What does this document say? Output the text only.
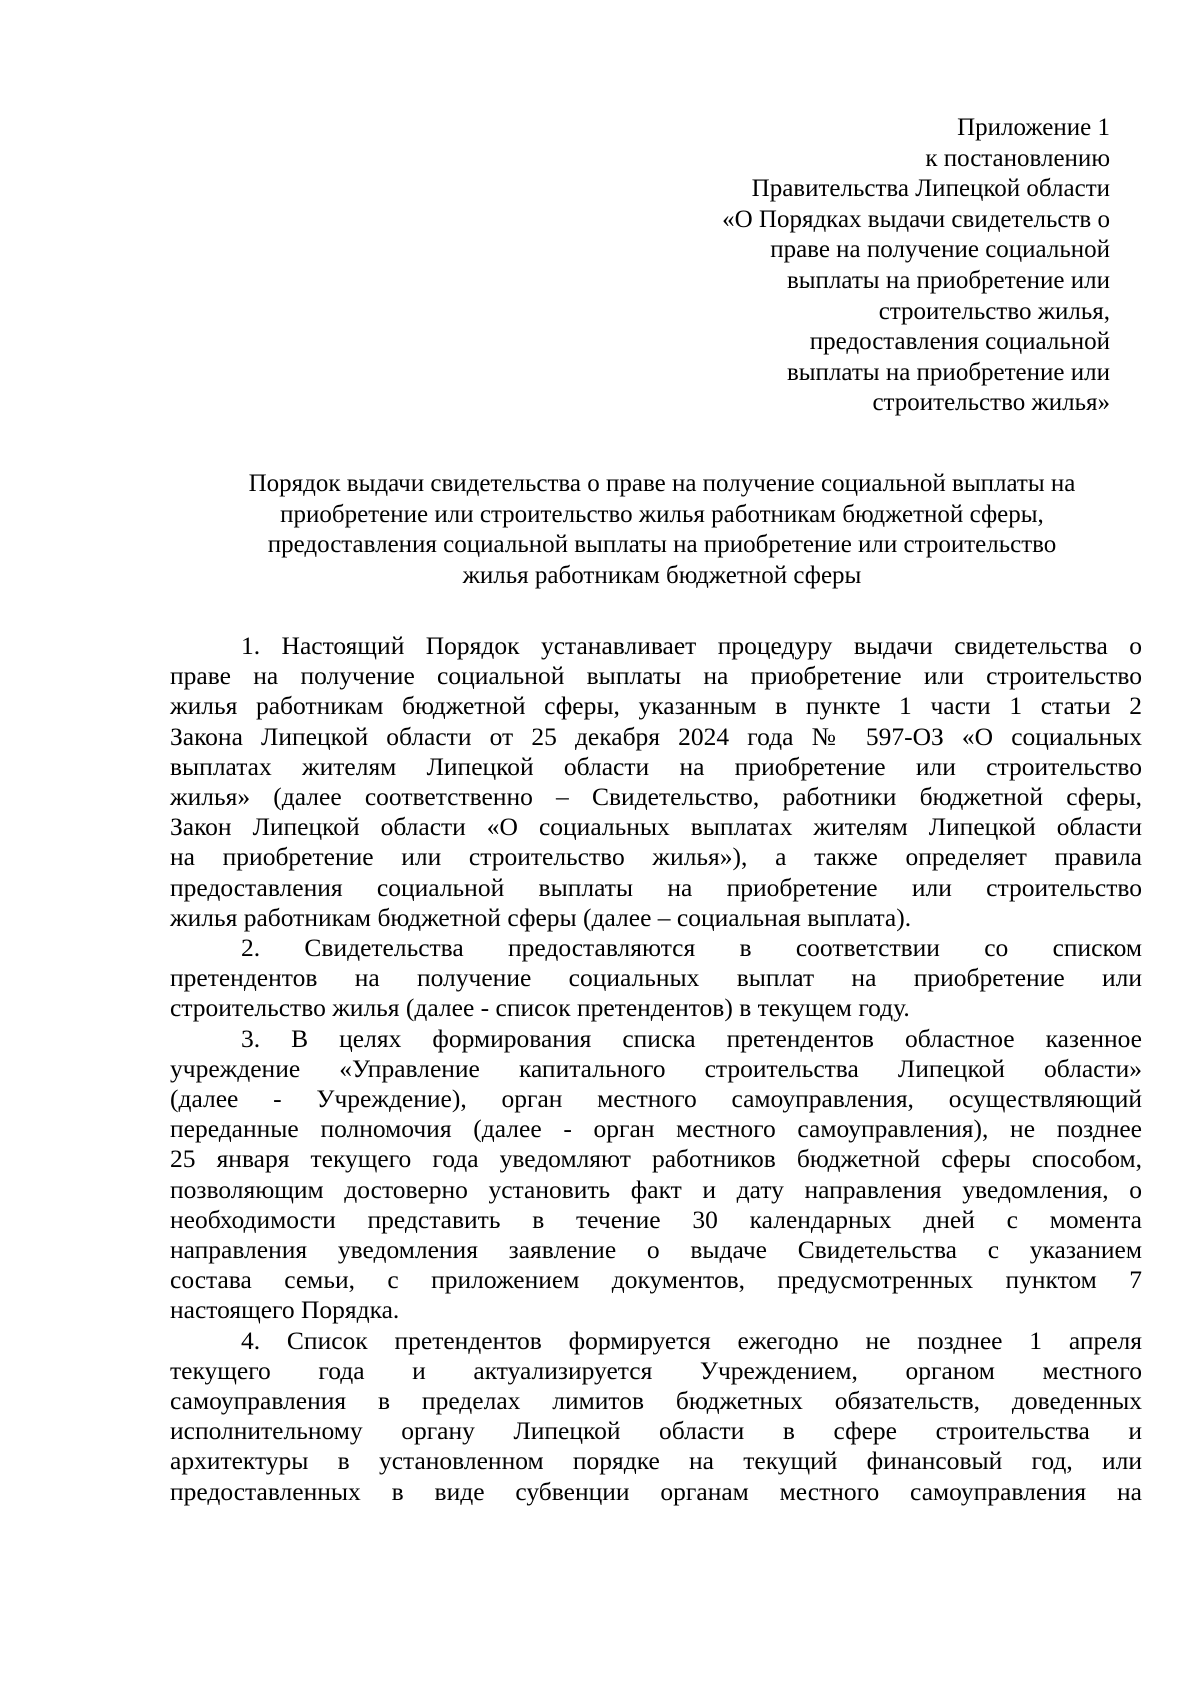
Приложение 1
к постановлению
Правительства Липецкой области
«О Порядках выдачи свидетельств о
праве на получение социальной
выплаты на приобретение или
строительство жилья,
предоставления социальной
выплаты на приобретение или
строительство жилья»
Порядок выдачи свидетельства о праве на получение социальной выплаты на
приобретение или строительство жилья работникам бюджетной сферы,
предоставления социальной выплаты на приобретение или строительство
жилья работникам бюджетной сферы
1. Настоящий Порядок устанавливает процедуру выдачи свидетельства о
праве на получение социальной выплаты на приобретение или строительство
жилья работникам бюджетной сферы, указанным в пункте 1 части 1 статьи 2
Закона Липецкой области от 25 декабря 2024 года № 597-ОЗ «О социальных
выплатах жителям Липецкой области на приобретение или строительство
жилья» (далее соответственно – Свидетельство, работники бюджетной сферы,
Закон Липецкой области «О социальных выплатах жителям Липецкой области
на приобретение или строительство жилья»), а также определяет правила
предоставления социальной выплаты на приобретение или строительство
жилья работникам бюджетной сферы (далее – социальная выплата).
2. Свидетельства предоставляются в соответствии со списком
претендентов на получение социальных выплат на приобретение или
строительство жилья (далее - список претендентов) в текущем году.
3. В целях формирования списка претендентов областное казенное
учреждение «Управление капитального строительства Липецкой области»
(далее - Учреждение), орган местного самоуправления, осуществляющий
переданные полномочия (далее - орган местного самоуправления), не позднее
25 января текущего года уведомляют работников бюджетной сферы способом,
позволяющим достоверно установить факт и дату направления уведомления, о
необходимости представить в течение 30 календарных дней с момента
направления уведомления заявление о выдаче Свидетельства с указанием
состава семьи, с приложением документов, предусмотренных пунктом 7
настоящего Порядка.
4. Список претендентов формируется ежегодно не позднее 1 апреля
текущего года и актуализируется Учреждением, органом местного
самоуправления в пределах лимитов бюджетных обязательств, доведенных
исполнительному органу Липецкой области в сфере строительства и
архитектуры в установленном порядке на текущий финансовый год, или
предоставленных в виде субвенции органам местного самоуправления на
